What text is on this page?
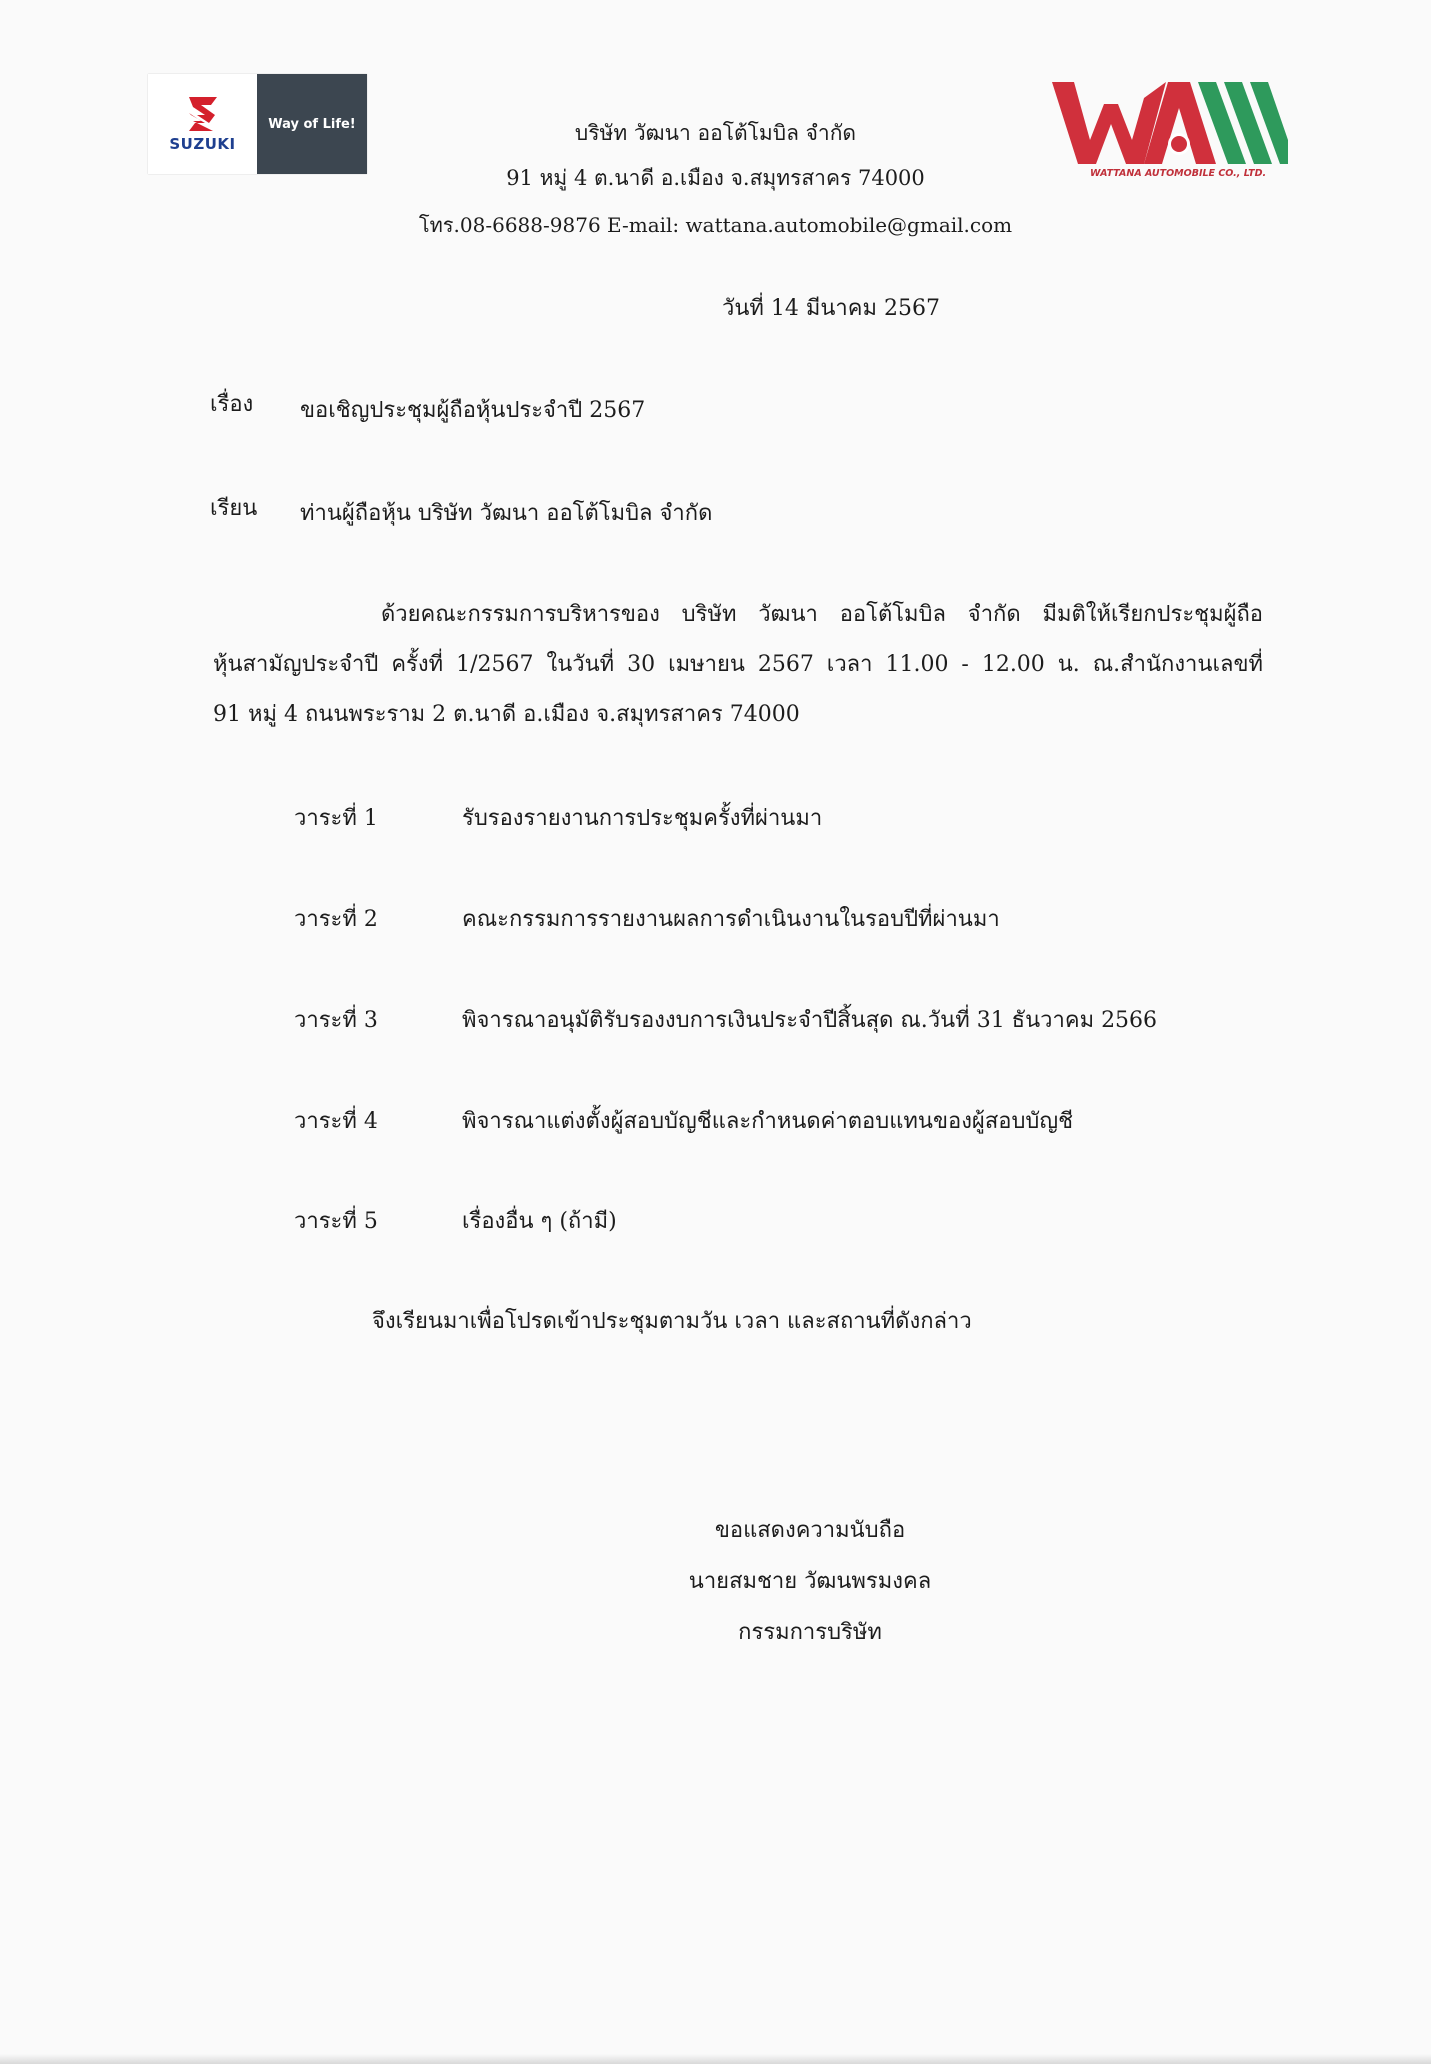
SUZUKI
Way of Life!
WATTANA AUTOMOBILE CO., LTD.
บริษัท วัฒนา ออโต้โมบิล จำกัด
91 หมู่ 4 ต.นาดี อ.เมือง จ.สมุทรสาคร 74000
โทร.08-6688-9876 E-mail: wattana.automobile@gmail.com
วันที่ 14 มีนาคม 2567
เรื่อง ขอเชิญประชุมผู้ถือหุ้นประจำปี 2567
เรียน ท่านผู้ถือหุ้น บริษัท วัฒนา ออโต้โมบิล จำกัด
ด้วยคณะกรรมการบริหารของ บริษัท วัฒนา ออโต้โมบิล จำกัด มีมติให้เรียกประชุมผู้ถือ
หุ้นสามัญประจำปี ครั้งที่ 1/2567 ในวันที่ 30 เมษายน 2567 เวลา 11.00 - 12.00 น. ณ.สำนักงานเลขที่
91 หมู่ 4 ถนนพระราม 2 ต.นาดี อ.เมือง จ.สมุทรสาคร 74000
วาระที่ 1	รับรองรายงานการประชุมครั้งที่ผ่านมา
วาระที่ 2	คณะกรรมการรายงานผลการดำเนินงานในรอบปีที่ผ่านมา
วาระที่ 3	พิจารณาอนุมัติรับรองงบการเงินประจำปีสิ้นสุด ณ.วันที่ 31 ธันวาคม 2566
วาระที่ 4	พิจารณาแต่งตั้งผู้สอบบัญชีและกำหนดค่าตอบแทนของผู้สอบบัญชี
วาระที่ 5	เรื่องอื่น ๆ (ถ้ามี)
จึงเรียนมาเพื่อโปรดเข้าประชุมตามวัน เวลา และสถานที่ดังกล่าว
ขอแสดงความนับถือ
นายสมชาย วัฒนพรมงคล
กรรมการบริษัท
